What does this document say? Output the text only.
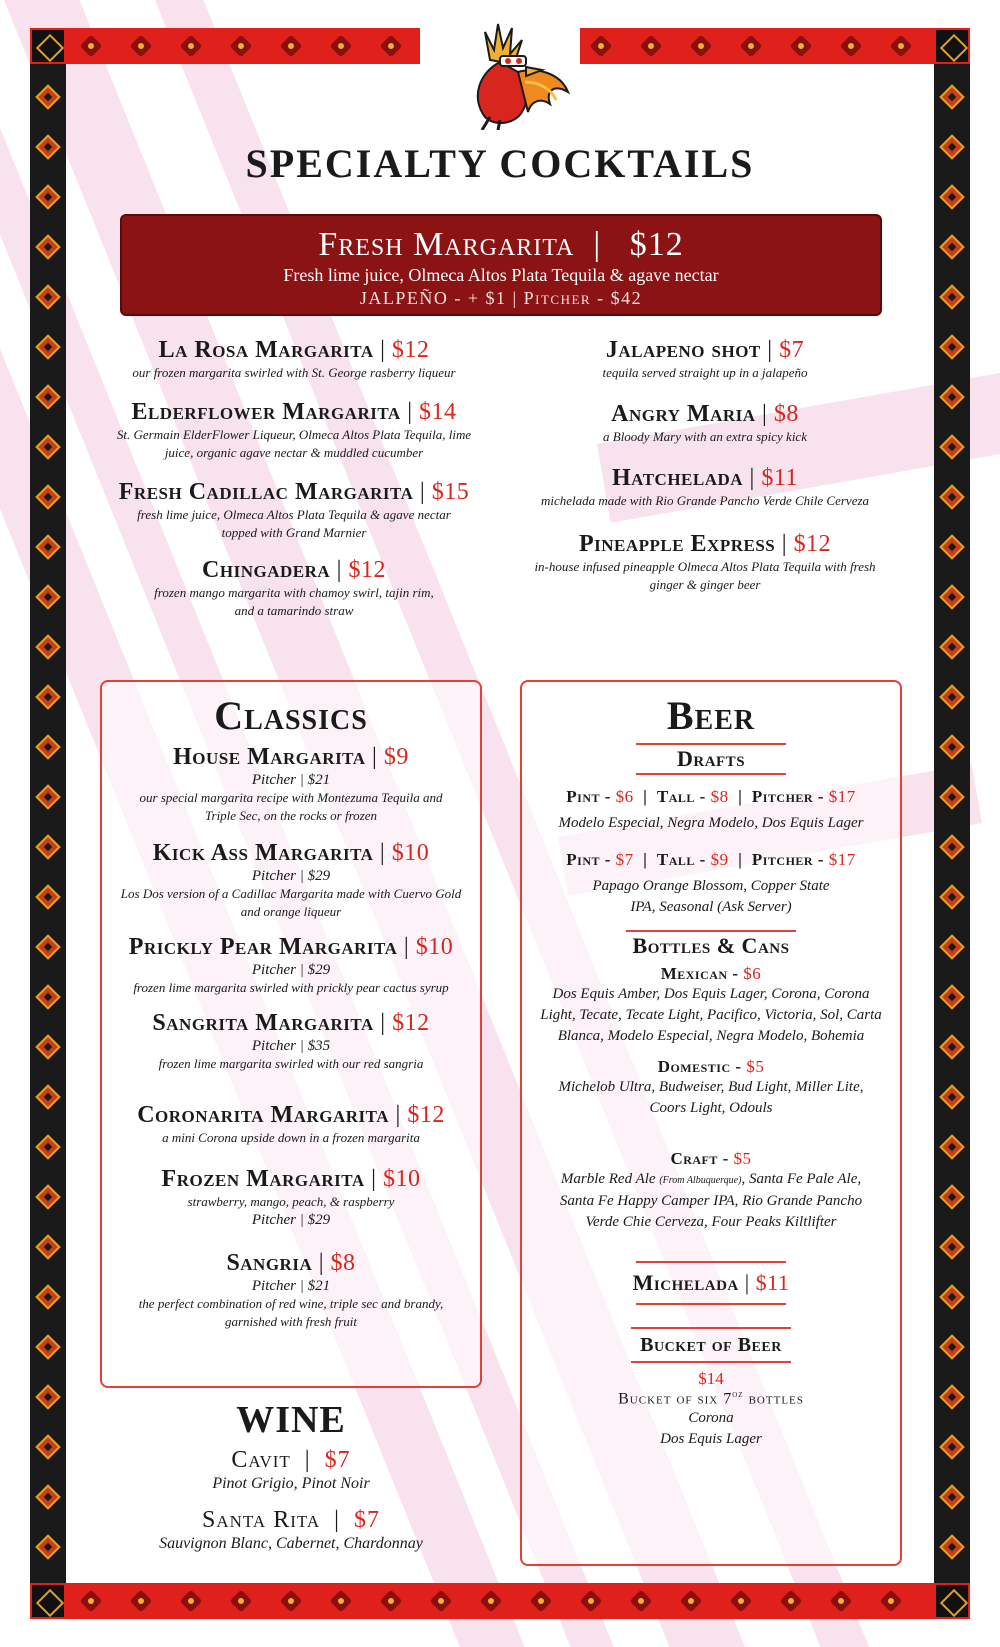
SPECIALTY COCKTAILS
Fresh Margarita  |   $12
Fresh lime juice, Olmeca Altos Plata Tequila & agave nectar
JALPEÑO - + $1 | Pitcher - $42
La Rosa Margarita | $12
our frozen margarita swirled with St. George rasberry liqueur
Elderflower Margarita | $14
St. Germain ElderFlower Liqueur, Olmeca Altos Plata Tequila, lime juice, organic agave nectar & muddled cucumber
Fresh Cadillac Margarita | $15
fresh lime juice, Olmeca Altos Plata Tequila & agave nectar topped with Grand Marnier
Chingadera | $12
frozen mango margarita with chamoy swirl, tajin rim, and a tamarindo straw
Jalapeno shot | $7
tequila served straight up in a jalapeño
Angry Maria | $8
a Bloody Mary with an extra spicy kick
Hatchelada | $11
michelada made with Rio Grande Pancho Verde Chile Cerveza
Pineapple Express | $12
in-house infused pineapple Olmeca Altos Plata Tequila with fresh ginger & ginger beer
Classics
House Margarita | $9
Pitcher | $21
our special margarita recipe with Montezuma Tequila and Triple Sec, on the rocks or frozen
Kick Ass Margarita | $10
Pitcher | $29
Los Dos version of a Cadillac Margarita made with Cuervo Gold and orange liqueur
Prickly Pear Margarita | $10
Pitcher | $29
frozen lime margarita swirled with prickly pear cactus syrup
Sangrita Margarita | $12
Pitcher | $35
frozen lime margarita swirled with our red sangria
Coronarita Margarita | $12
a mini Corona upside down in a frozen margarita
Frozen Margarita | $10
strawberry, mango, peach, & raspberry
Pitcher | $29
Sangria | $8
Pitcher | $21
the perfect combination of red wine, triple sec and brandy, garnished with fresh fruit
WINE
Cavit  |  $7
Pinot Grigio, Pinot Noir
Santa Rita  |  $7
Sauvignon Blanc, Cabernet, Chardonnay
Beer
Drafts
Pint - $6  |  Tall - $8  |  Pitcher - $17
Modelo Especial, Negra Modelo, Dos Equis Lager
Pint - $7  |  Tall - $9  |  Pitcher - $17
Papago Orange Blossom, Copper State IPA, Seasonal (Ask Server)
Bottles & Cans
Mexican - $6
Dos Equis Amber, Dos Equis Lager, Corona, Corona Light, Tecate, Tecate Light, Pacifico, Victoria, Sol, Carta Blanca, Modelo Especial, Negra Modelo, Bohemia
Domestic - $5
Michelob Ultra, Budweiser, Bud Light, Miller Lite, Coors Light, Odouls
Craft - $5
Marble Red Ale (From Albuquerque), Santa Fe Pale Ale, Santa Fe Happy Camper IPA, Rio Grande Pancho Verde Chie Cerveza, Four Peaks Kiltlifter
Michelada | $11
Bucket of Beer
$14
Bucket of six $7^{oz}$ bottles
Corona
Dos Equis Lager
